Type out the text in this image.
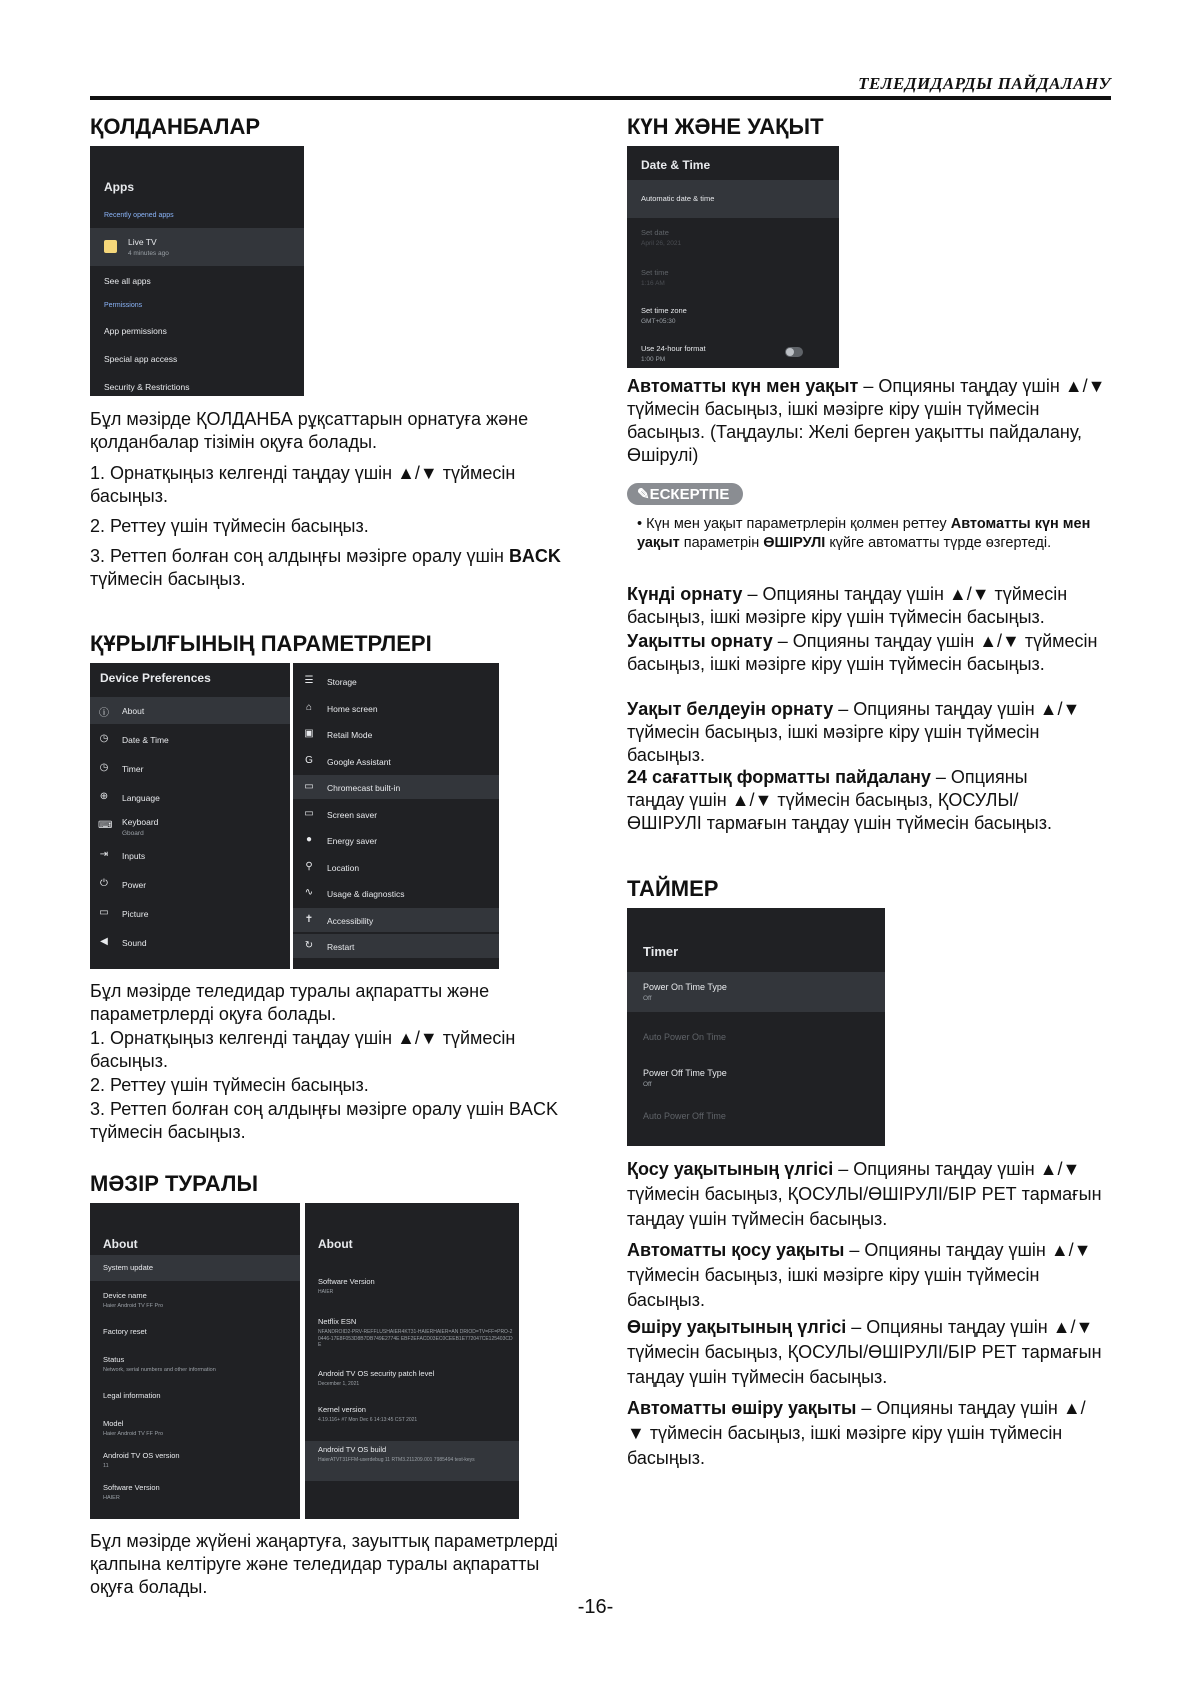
ТЕЛЕДИДАРДЫ ПАЙДАЛАНУ
ҚОЛДАНБАЛАР
Apps
Recently opened apps
Live TV
4 minutes ago
See all apps
Permissions
App permissions
Special app access
Security & Restrictions

Бұл мәзірде ҚОЛДАНБА рұқсаттарын орнатуға және қолданбалар тізімін оқуға болады.

1. Орнатқыңыз келгенді таңдау үшін ▲/▼ түймесін басыңыз.

2. Реттеу үшін түймесін басыңыз.

3. Реттеп болған соң алдыңғы мәзірге оралу үшін BACK түймесін басыңыз.

ҚҰРЫЛҒЫНЫҢ ПАРАМЕТРЛЕРІ
Device Preferences
ⓘ About
◷ Date & Time
◷ Timer
⊕ Language
⌨ Keyboard
Gboard
⇥ Inputs
⏻ Power
▭ Picture
◀ Sound
☰ Storage
⌂	Home screen
▣ Retail Mode
G Google Assistant
▭ Chromecast built-in
▭ Screen saver
●	Energy saver
⚲ Location
∿ Usage & diagnostics
✝ Accessibility
↻ Restart

Бұл мәзірде теледидар туралы ақпаратты және параметрлерді оқуға болады.

1. Орнатқыңыз келгенді таңдау үшін ▲/▼ түймесін басыңыз.

2. Реттеу үшін түймесін басыңыз.

3. Реттеп болған соң алдыңғы мәзірге оралу үшін BACK түймесін басыңыз.

МӘЗІР ТУРАЛЫ
About
System update
Device name
Haier Android TV FF Pro
Factory reset
Status
Network, serial numbers and other information
Legal information
Model
Haier Android TV FF Pro
Android TV OS version
11
Software Version
HAIER
About
Software Version
HAIER
Netflix ESN
NFANDROID2-PRV-REFFLUSHAIER4KT31-HAIERHAIER=AN DRIOD=TV=FF=PRO-20446-17E8F053D8B7DB749E2774E EBF2EFACD03EC0CEEB1E772047CE125403CDE
Android TV OS security patch level
December 1, 2021
Kernel version
4.19.116+ #7 Mon Dec 6 14:13:45 CST 2021
Android TV OS build
HaierATVT31FFM-userdebug 11 RTM3.211209.001 7985494 test-keys

Бұл мәзірде жүйені жаңартуға, зауыттық параметрлерді қалпына келтіруге және теледидар туралы ақпаратты оқуға болады.

КҮН ЖӘНЕ УАҚЫТ
Date & Time
Automatic date & time
Set date
April 26, 2021
Set time
1:16 AM
Set time zone
GMT+05:30
Use 24-hour format
1:00 PM

Автоматты күн мен уақыт – Опцияны таңдау үшін ▲/▼ түймесін басыңыз, ішкі мәзірге кіру үшін түймесін басыңыз. (Таңдаулы: Желі берген уақытты пайдалану, Өшірулі)

✎ЕСКЕРТПЕ

• Күн мен уақыт параметрлерін қолмен реттеу Автоматты күн мен уақыт параметрін ӨШІРУЛІ күйге автоматты түрде өзгертеді.

Күнді орнату – Опцияны таңдау үшін ▲/▼ түймесін басыңыз, ішкі мәзірге кіру үшін түймесін басыңыз.

Уақытты орнату – Опцияны таңдау үшін ▲/▼ түймесін басыңыз, ішкі мәзірге кіру үшін түймесін басыңыз.

Уақыт белдеуін орнату – Опцияны таңдау үшін ▲/▼ түймесін басыңыз, ішкі мәзірге кіру үшін түймесін басыңыз.

24 сағаттық форматты пайдалану – Опцияны таңдау үшін ▲/▼ түймесін басыңыз, ҚОСУЛЫ/ӨШІРУЛІ тармағын таңдау үшін түймесін басыңыз.

ТАЙМЕР
Timer
Power On Time Type
Off
Auto Power On Time
Power Off Time Type
Off
Auto Power Off Time

Қосу уақытының үлгісі – Опцияны таңдау үшін ▲/▼ түймесін басыңыз, ҚОСУЛЫ/ӨШІРУЛІ/БІР РЕТ тармағын таңдау үшін түймесін басыңыз.

Автоматты қосу уақыты – Опцияны таңдау үшін ▲/▼ түймесін басыңыз, ішкі мәзірге кіру үшін түймесін басыңыз.

Өшіру уақытының үлгісі – Опцияны таңдау үшін ▲/▼ түймесін басыңыз, ҚОСУЛЫ/ӨШІРУЛІ/БІР РЕТ тармағын таңдау үшін түймесін басыңыз.

Автоматты өшіру уақыты – Опцияны таңдау үшін ▲/▼ түймесін басыңыз, ішкі мәзірге кіру үшін түймесін басыңыз.

-16-
